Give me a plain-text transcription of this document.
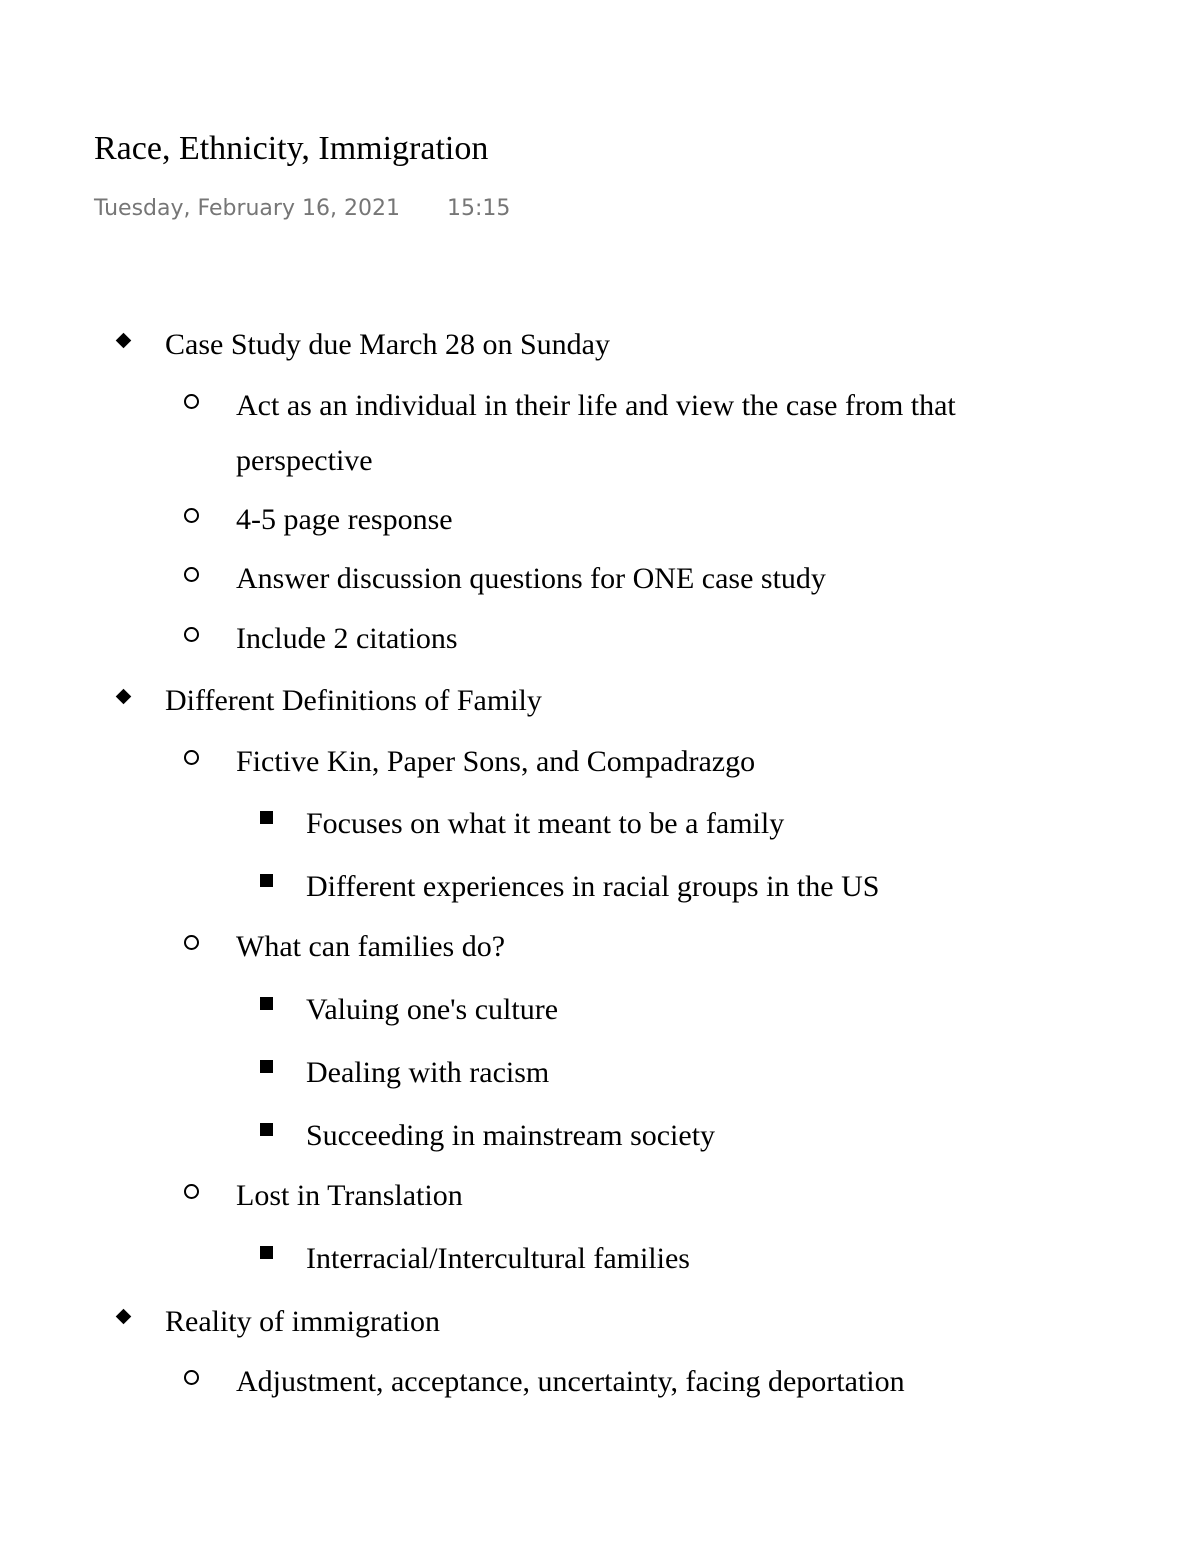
Race, Ethnicity, Immigration
Tuesday, February 16, 2021 15:15
Case Study due March 28 on Sunday
Act as an individual in their life and view the case from that
perspective
4-5 page response
Answer discussion questions for ONE case study
Include 2 citations
Different Definitions of Family
Fictive Kin, Paper Sons, and Compadrazgo
Focuses on what it meant to be a family
Different experiences in racial groups in the US
What can families do?
Valuing one's culture
Dealing with racism
Succeeding in mainstream society
Lost in Translation
Interracial/Intercultural families
Reality of immigration
Adjustment, acceptance, uncertainty, facing deportation
